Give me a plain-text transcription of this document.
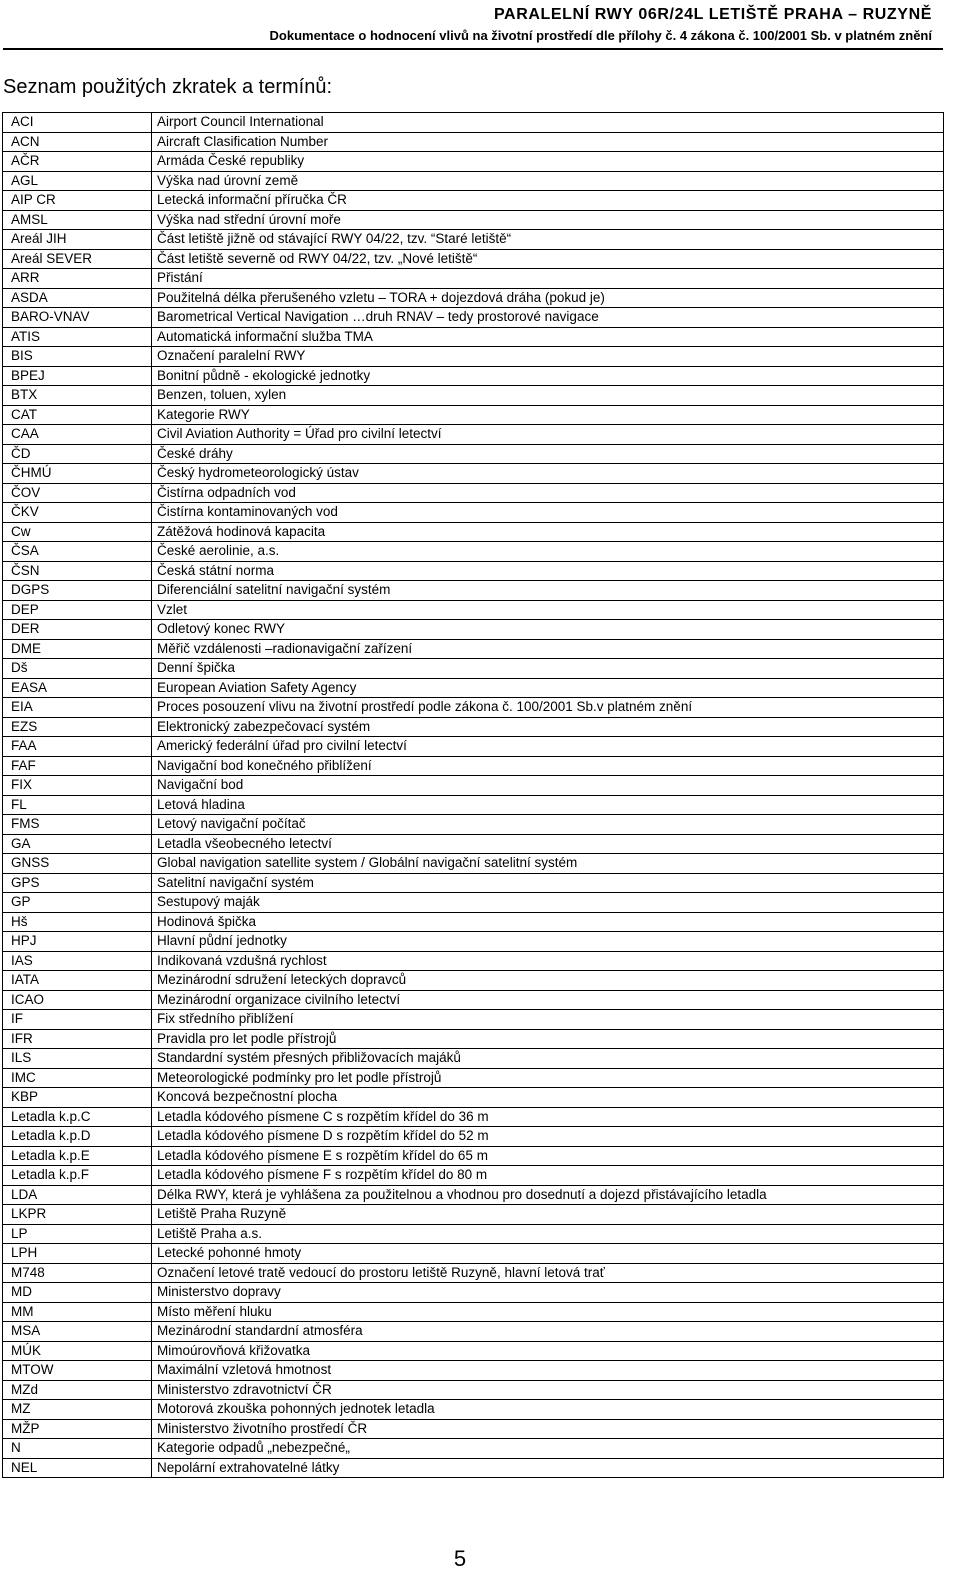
PARALELNÍ RWY 06R/24L LETIŠTĚ PRAHA – RUZYNĚ

Dokumentace o hodnocení vlivů na životní prostředí dle přílohy č. 4 zákona č. 100/2001 Sb. v platném znění

Seznam použitých zkratek a termínů:
ACI	Airport Council International
ACN	Aircraft Clasification Number
AČR	Armáda České republiky
AGL	Výška nad úrovní země
AIP CR	Letecká informační příručka ČR
AMSL	Výška nad střední úrovní moře
Areál JIH	Část letiště jižně od stávající RWY 04/22, tzv. “Staré letiště“
Areál SEVER	Část letiště severně od RWY 04/22, tzv. „Nové letiště“
ARR	Přistání
ASDA	Použitelná délka přerušeného vzletu – TORA + dojezdová dráha (pokud je)
BARO-VNAV	Barometrical Vertical Navigation …druh RNAV – tedy prostorové navigace
ATIS	Automatická informační služba TMA
BIS	Označení paralelní RWY
BPEJ	Bonitní půdně - ekologické jednotky
BTX	Benzen, toluen, xylen
CAT	Kategorie RWY
CAA	Civil Aviation Authority = Úřad pro civilní letectví
ČD	České dráhy
ČHMÚ	Český hydrometeorologický ústav
ČOV	Čistírna odpadních vod
ČKV	Čistírna kontaminovaných vod
Cw	Zátěžová hodinová kapacita
ČSA	České aerolinie, a.s.
ČSN	Česká státní norma
DGPS	Diferenciální satelitní navigační systém
DEP	Vzlet
DER	Odletový konec RWY
DME	Měřič vzdálenosti –radionavigační zařízení
Dš	Denní špička
EASA	European Aviation Safety Agency
EIA	Proces posouzení vlivu na životní prostředí podle zákona č. 100/2001 Sb.v platném znění
EZS	Elektronický zabezpečovací systém
FAA	Americký federální úřad pro civilní letectví
FAF	Navigační bod konečného přiblížení
FIX	Navigační bod
FL	Letová hladina
FMS	Letový navigační počítač
GA	Letadla všeobecného letectví
GNSS	Global navigation satellite system / Globální navigační satelitní systém
GPS	Satelitní navigační systém
GP	Sestupový maják
Hš	Hodinová špička
HPJ	Hlavní půdní jednotky
IAS	Indikovaná vzdušná rychlost
IATA	Mezinárodní sdružení leteckých dopravců
ICAO	Mezinárodní organizace civilního letectví
IF	Fix středního přiblížení
IFR	Pravidla pro let podle přístrojů
ILS	Standardní systém přesných přibližovacích majáků
IMC	Meteorologické podmínky pro let podle přístrojů
KBP	Koncová bezpečnostní plocha
Letadla k.p.C	Letadla kódového písmene C s rozpětím křídel do 36 m
Letadla k.p.D	Letadla kódového písmene D s rozpětím křídel do 52 m
Letadla k.p.E	Letadla kódového písmene E s rozpětím křídel do 65 m
Letadla k.p.F	Letadla kódového písmene F s rozpětím křídel do 80 m
LDA	Délka RWY, která je vyhlášena za použitelnou a vhodnou pro dosednutí a dojezd přistávajícího letadla
LKPR	Letiště Praha Ruzyně
LP	Letiště Praha a.s.
LPH	Letecké pohonné hmoty
M748	Označení letové tratě vedoucí do prostoru letiště Ruzyně, hlavní letová trať
MD	Ministerstvo dopravy
MM	Místo měření hluku
MSA	Mezinárodní standardní atmosféra
MÚK	Mimoúrovňová křižovatka
MTOW	Maximální vzletová hmotnost
MZd	Ministerstvo zdravotnictví ČR
MZ	Motorová zkouška pohonných jednotek letadla
MŽP	Ministerstvo životního prostředí ČR
N	Kategorie odpadů „nebezpečné„
NEL	Nepolární extrahovatelné látky

5
